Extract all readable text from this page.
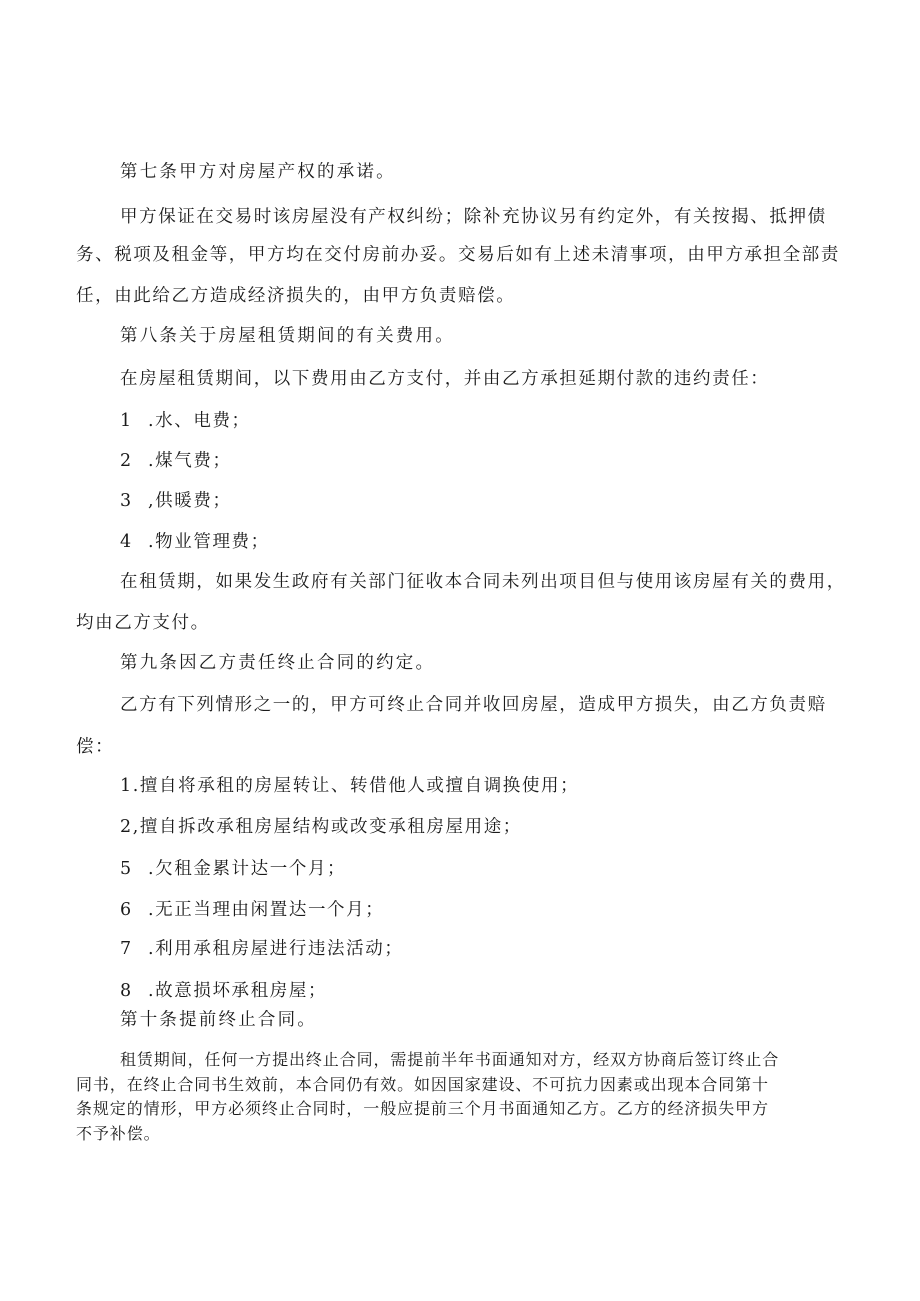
第七条甲方对房屋产权的承诺。
甲方保证在交易时该房屋没有产权纠纷；除补充协议另有约定外，有关按揭、抵押债
务、税项及租金等，甲方均在交付房前办妥。交易后如有上述未清事项，由甲方承担全部责
任，由此给乙方造成经济损失的，由甲方负责赔偿。
第八条关于房屋租赁期间的有关费用。
在房屋租赁期间，以下费用由乙方支付，并由乙方承担延期付款的违约责任：
1 .水、电费；
2 .煤气费；
3 ,供暖费；
4 .物业管理费；
在租赁期，如果发生政府有关部门征收本合同未列出项目但与使用该房屋有关的费用，
均由乙方支付。
第九条因乙方责任终止合同的约定。
乙方有下列情形之一的，甲方可终止合同并收回房屋，造成甲方损失，由乙方负责赔
偿：
1.擅自将承租的房屋转让、转借他人或擅自调换使用；
2,擅自拆改承租房屋结构或改变承租房屋用途；
5 .欠租金累计达一个月；
6 .无正当理由闲置达一个月；
7 .利用承租房屋进行违法活动；
8 .故意损坏承租房屋；
第十条提前终止合同。
租赁期间，任何一方提出终止合同，需提前半年书面通知对方，经双方协商后签订终止合
同书，在终止合同书生效前，本合同仍有效。如因国家建设、不可抗力因素或出现本合同第十
条规定的情形，甲方必须终止合同时，一般应提前三个月书面通知乙方。乙方的经济损失甲方
不予补偿。
